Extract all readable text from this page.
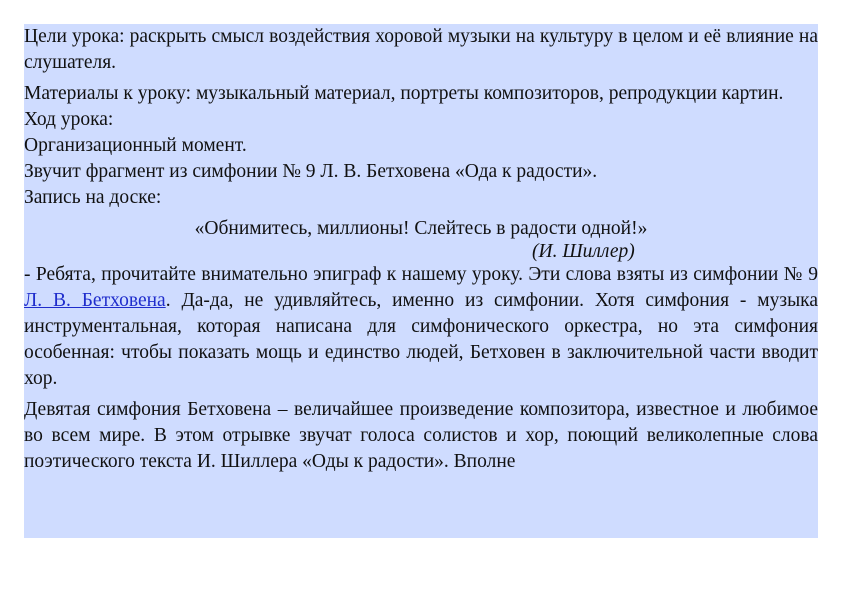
Цели урока: раскрыть смысл воздействия хоровой музыки на культуру в целом и её влияние на слушателя.

Материалы к уроку: музыкальный материал, портреты композиторов, репродукции картин.

Ход урока:

Организационный момент.

Звучит фрагмент из симфонии № 9 Л. В. Бетховена «Ода к радости».

Запись на доске:

«Обнимитесь, миллионы! Слейтесь в радости одной!»

(И. Шиллер)

- Ребята, прочитайте внимательно эпиграф к нашему уроку. Эти слова взяты из симфонии № 9 Л. В. Бетховена. Да-да, не удивляйтесь, именно из симфонии. Хотя симфония - музыка инструментальная, которая написана для симфонического оркестра, но эта симфония особенная: чтобы показать мощь и единство людей, Бетховен в заключительной части вводит хор.

Девятая симфония Бетховена – величайшее произведение композитора, известное и любимое во всем мире. В этом отрывке звучат голоса солистов и хор, поющий великолепные слова поэтического текста И. Шиллера «Оды к радости». Вполне
